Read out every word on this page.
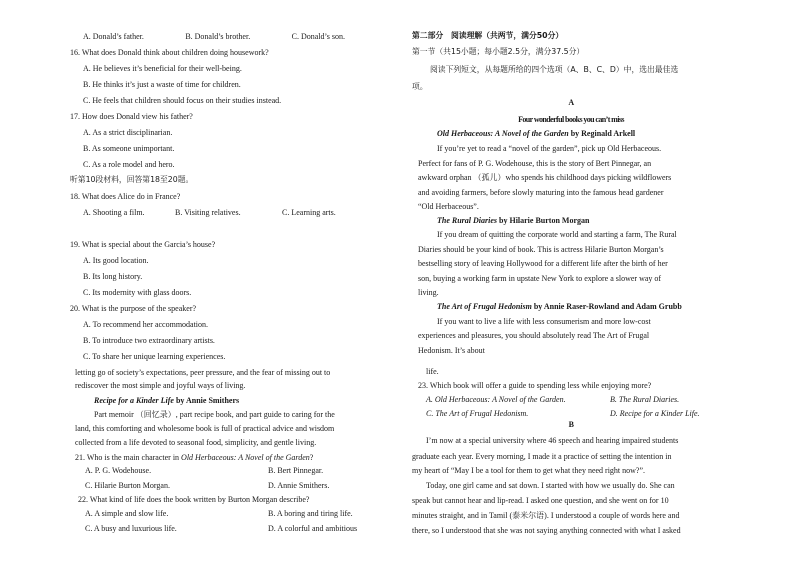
A. Donald’s father.	B. Donald’s brother.	C. Donald’s son.
16. What does Donald think about children doing housework?
A. He believes it’s beneficial for their well-being.
B. He thinks it’s just a waste of time for children.
C. He feels that children should focus on their studies instead.
17. How does Donald view his father?
A. As a strict disciplinarian.
B. As someone unimportant.
C. As a role model and hero.
听第10段材料，回答第18至20题。
18. What does Alice do in France?
A. Shooting a film.	B. Visiting relatives.	C. Learning arts.
19. What is special about the Garcia’s house?
A. Its good location.
B. Its long history.
C. Its modernity with glass doors.
20. What is the purpose of the speaker?
A. To recommend her accommodation.
B. To introduce two extraordinary artists.
C. To share her unique learning experiences.
letting go of society’s expectations, peer pressure, and the fear of missing out to
rediscover the most simple and joyful ways of living.
Recipe for a Kinder Life by Annie Smithers
Part memoir （回忆录）, part recipe book, and part guide to caring for the
land, this comforting and wholesome book is full of practical advice and wisdom
collected from a life devoted to seasonal food, simplicity, and gentle living.
21. Who is the main character in Old Herbaceous: A Novel of the Garden?
A. P. G. Wodehouse.	B. Bert Pinnegar.
C. Hilarie Burton Morgan.	D. Annie Smithers.
22. What kind of life does the book written by Burton Morgan describe?
A. A simple and slow life.	B. A boring and tiring life.
C. A busy and luxurious life.	D. A colorful and ambitious
第二部分　阅读理解（共两节，满分50分）
第一节（共15小题；每小题2.5分，满分37.5分）
阅读下列短文，从每题所给的四个选项（A、B、C、D）中，选出最佳选
项。
A
Four wonderful books you can’t miss
Old Herbaceous: A Novel of the Garden by Reginald Arkell
If you’re yet to read a “novel of the garden”, pick up Old Herbaceous.
Perfect for fans of P. G. Wodehouse, this is the story of Bert Pinnegar, an
awkward orphan （孤儿）who spends his childhood days picking wildflowers
and avoiding farmers, before slowly maturing into the famous head gardener
“Old Herbaceous”.
The Rural Diaries by Hilarie Burton Morgan
If you dream of quitting the corporate world and starting a farm, The Rural
Diaries should be your kind of book. This is actress Hilarie Burton Morgan’s
bestselling story of leaving Hollywood for a different life after the birth of her
son, buying a working farm in upstate New York to explore a slower way of
living.
The Art of Frugal Hedonism by Annie Raser-Rowland and Adam Grubb
If you want to live a life with less consumerism and more low-cost
experiences and pleasures, you should absolutely read The Art of Frugal
Hedonism. It’s about
life.
23. Which book will offer a guide to spending less while enjoying more?
A. Old Herbaceous: A Novel of the Garden.	B. The Rural Diaries.
C. The Art of Frugal Hedonism.	D. Recipe for a Kinder Life.
B
I’m now at a special university where 46 speech and hearing impaired students
graduate each year. Every morning, I made it a practice of setting the intention in
my heart of “May I be a tool for them to get what they need right now?”.
Today, one girl came and sat down. I started with how we usually do. She can
speak but cannot hear and lip-read. I asked one question, and she went on for 10
minutes straight, and in Tamil (泰米尔语). I understood a couple of words here and
there, so I understood that she was not saying anything connected with what I asked
